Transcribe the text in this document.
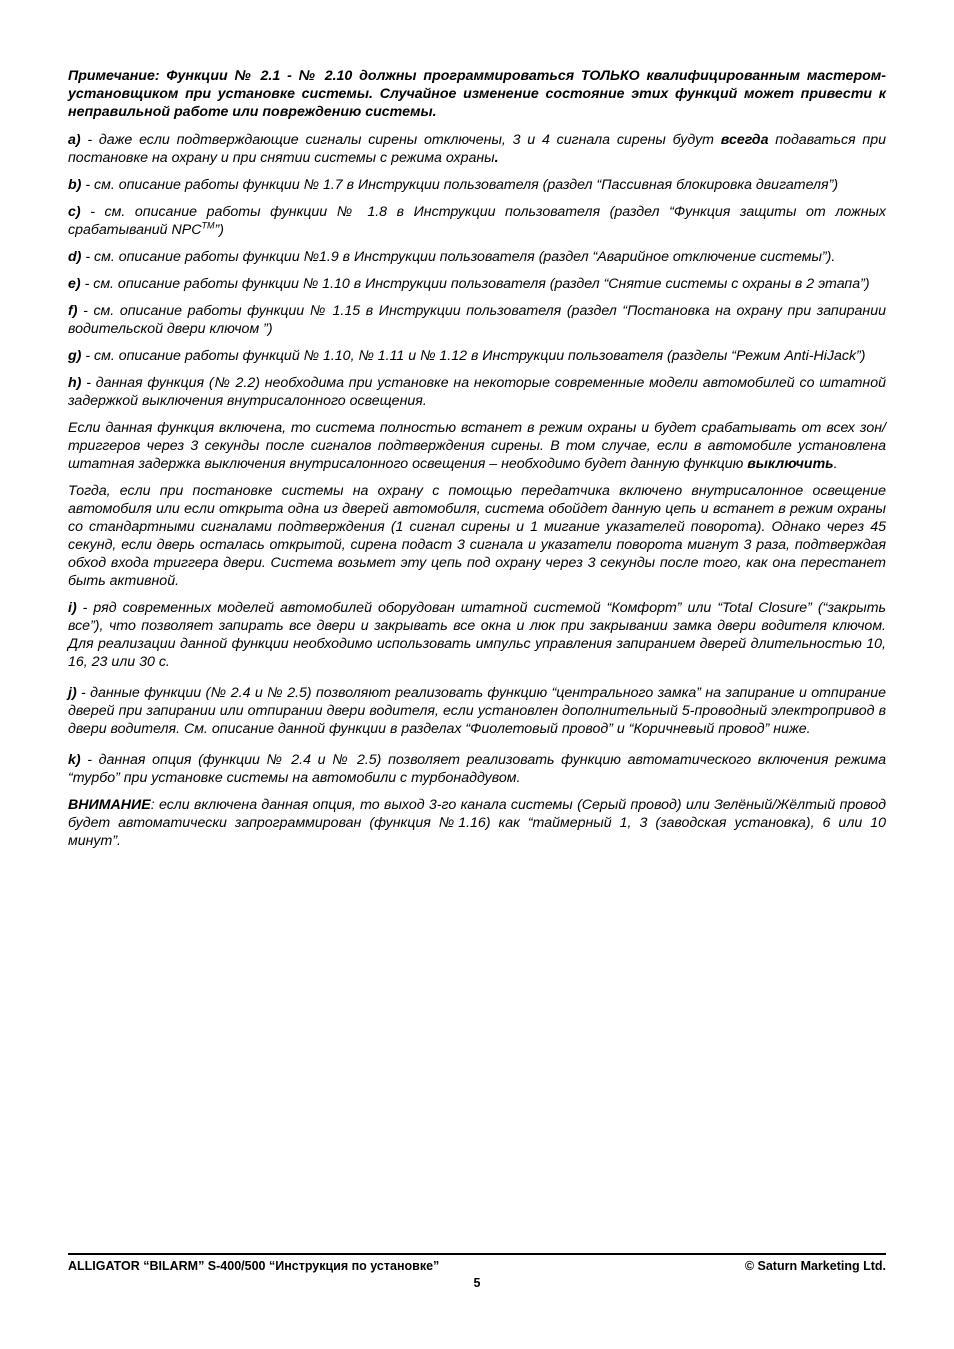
Примечание: Функции № 2.1 - № 2.10 должны программироваться ТОЛЬКО квалифицированным мастером-установщиком при установке системы. Случайное изменение состояние этих функций может привести к неправильной работе или повреждению системы.

a) - даже если подтверждающие сигналы сирены отключены, 3 и 4 сигнала сирены будут всегда подаваться при постановке на охрану и при снятии системы с режима охраны.

b) - см. описание работы функции № 1.7 в Инструкции пользователя (раздел “Пассивная блокировка двигателя”)

c) - см. описание работы функции № 1.8 в Инструкции пользователя (раздел “Функция защиты от ложных срабатываний NPC™”)

d) - см. описание работы функции №1.9 в Инструкции пользователя (раздел “Аварийное отключение системы”).

e) - см. описание работы функции № 1.10 в Инструкции пользователя (раздел “Снятие системы с охраны в 2 этапа”)

f) - см. описание работы функции № 1.15 в Инструкции пользователя (раздел “Постановка на охрану при запирании водительской двери ключом ”)

g) - см. описание работы функций № 1.10, № 1.11 и № 1.12 в Инструкции пользователя (разделы “Режим Anti-HiJack”)

h) - данная функция (№ 2.2) необходима при установке на некоторые современные модели автомобилей со штатной задержкой выключения внутрисалонного освещения.

Если данная функция включена, то система полностью встанет в режим охраны и будет срабатывать от всех зон/триггеров через 3 секунды после сигналов подтверждения сирены. В том случае, если в автомобиле установлена штатная задержка выключения внутрисалонного освещения – необходимо будет данную функцию выключить.

Тогда, если при постановке системы на охрану с помощью передатчика включено внутрисалонное освещение автомобиля или если открыта одна из дверей автомобиля, система обойдет данную цепь и встанет в режим охраны со стандартными сигналами подтверждения (1 сигнал сирены и 1 мигание указателей поворота). Однако через 45 секунд, если дверь осталась открытой, сирена подаст 3 сигнала и указатели поворота мигнут 3 раза, подтверждая обход входа триггера двери. Система возьмет эту цепь под охрану через 3 секунды после того, как она перестанет быть активной.

i) - ряд современных моделей автомобилей оборудован штатной системой “Комфорт” или “Total Closure” (“закрыть все”), что позволяет запирать все двери и закрывать все окна и люк при закрывании замка двери водителя ключом. Для реализации данной функции необходимо использовать импульс управления запиранием дверей длительностью 10, 16, 23 или 30 с.

j) - данные функции (№ 2.4 и № 2.5) позволяют реализовать функцию “центрального замка” на запирание и отпирание дверей при запирании или отпирании двери водителя, если установлен дополнительный 5-проводный электропривод в двери водителя. См. описание данной функции в разделах “Фиолетовый провод” и “Коричневый провод” ниже.

k) - данная опция (функции № 2.4 и № 2.5) позволяет реализовать функцию автоматического включения режима “турбо” при установке системы на автомобили с турбонаддувом.

ВНИМАНИЕ: если включена данная опция, то выход 3-го канала системы (Серый провод) или Зелёный/Жёлтый провод будет автоматически запрограммирован (функция №1.16) как “таймерный 1, 3 (заводская установка), 6 или 10 минут”.

ALLIGATOR “BILARM” S-400/500 “Инструкция по установке”	© Saturn Marketing Ltd.
5
